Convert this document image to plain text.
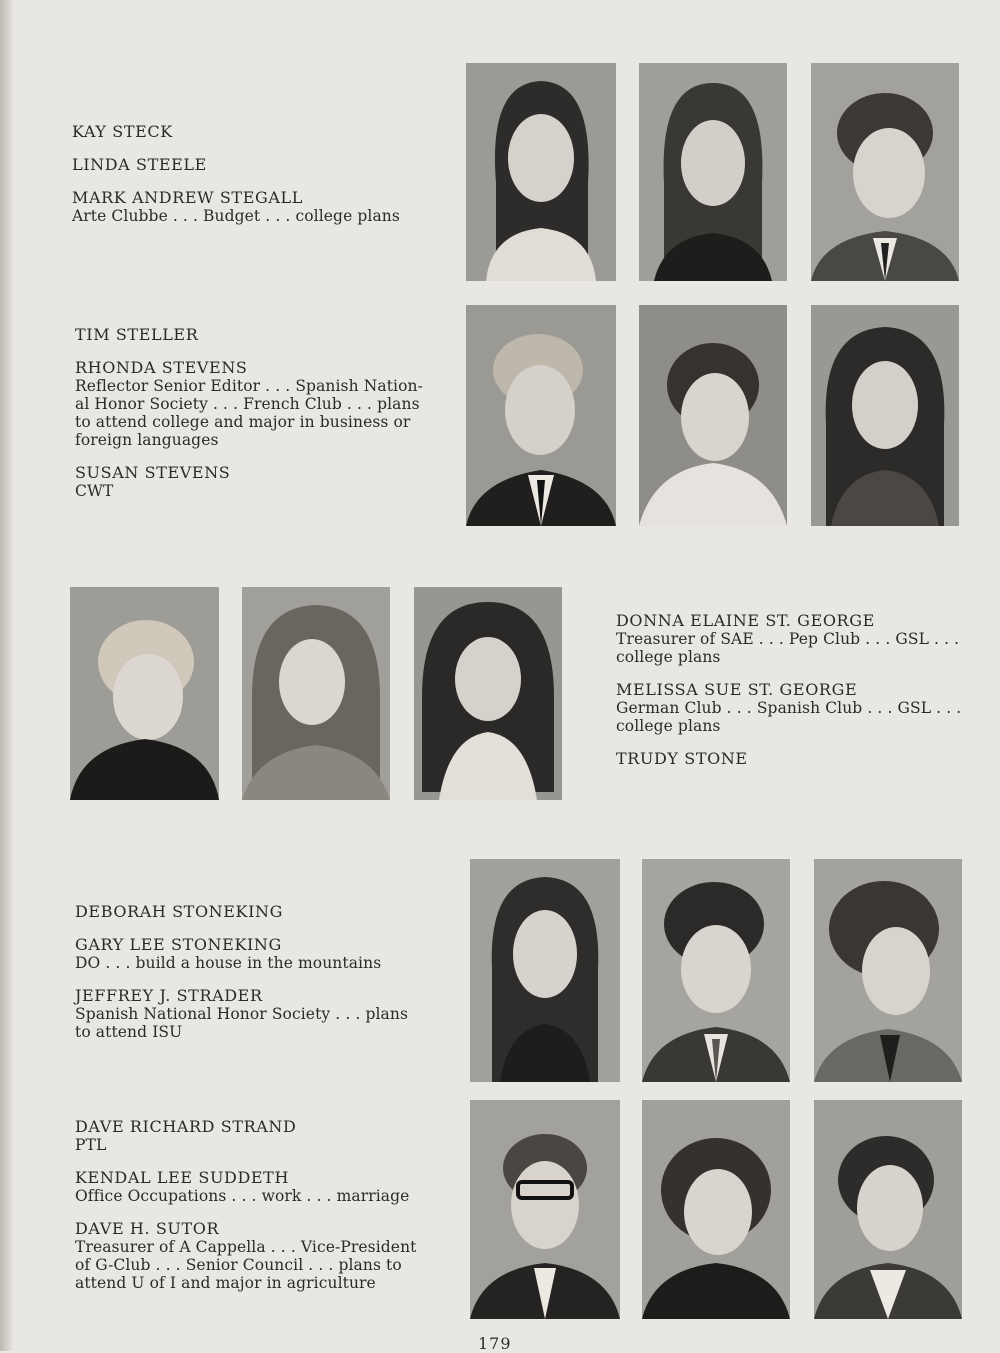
KAY STECK
LINDA STEELE
MARK ANDREW STEGALL
Arte Clubbe . . . Budget . . . college plans
TIM STELLER
RHONDA STEVENS
Reflector Senior Editor . . . Spanish Nation-
al Honor Society . . . French Club . . . plans
to attend college and major in business or
foreign languages
SUSAN STEVENS
CWT
DONNA ELAINE ST. GEORGE
Treasurer of SAE . . . Pep Club . . . GSL . . .
college plans
MELISSA SUE ST. GEORGE
German Club . . . Spanish Club . . . GSL . . .
college plans
TRUDY STONE
DEBORAH STONEKING
GARY LEE STONEKING
DO . . . build a house in the mountains
JEFFREY J. STRADER
Spanish National Honor Society . . . plans
to attend ISU
DAVE RICHARD STRAND
PTL
KENDAL LEE SUDDETH
Office Occupations . . . work . . . marriage
DAVE H. SUTOR
Treasurer of A Cappella . . . Vice-President
of G-Club . . . Senior Council . . . plans to
attend U of I and major in agriculture
179
